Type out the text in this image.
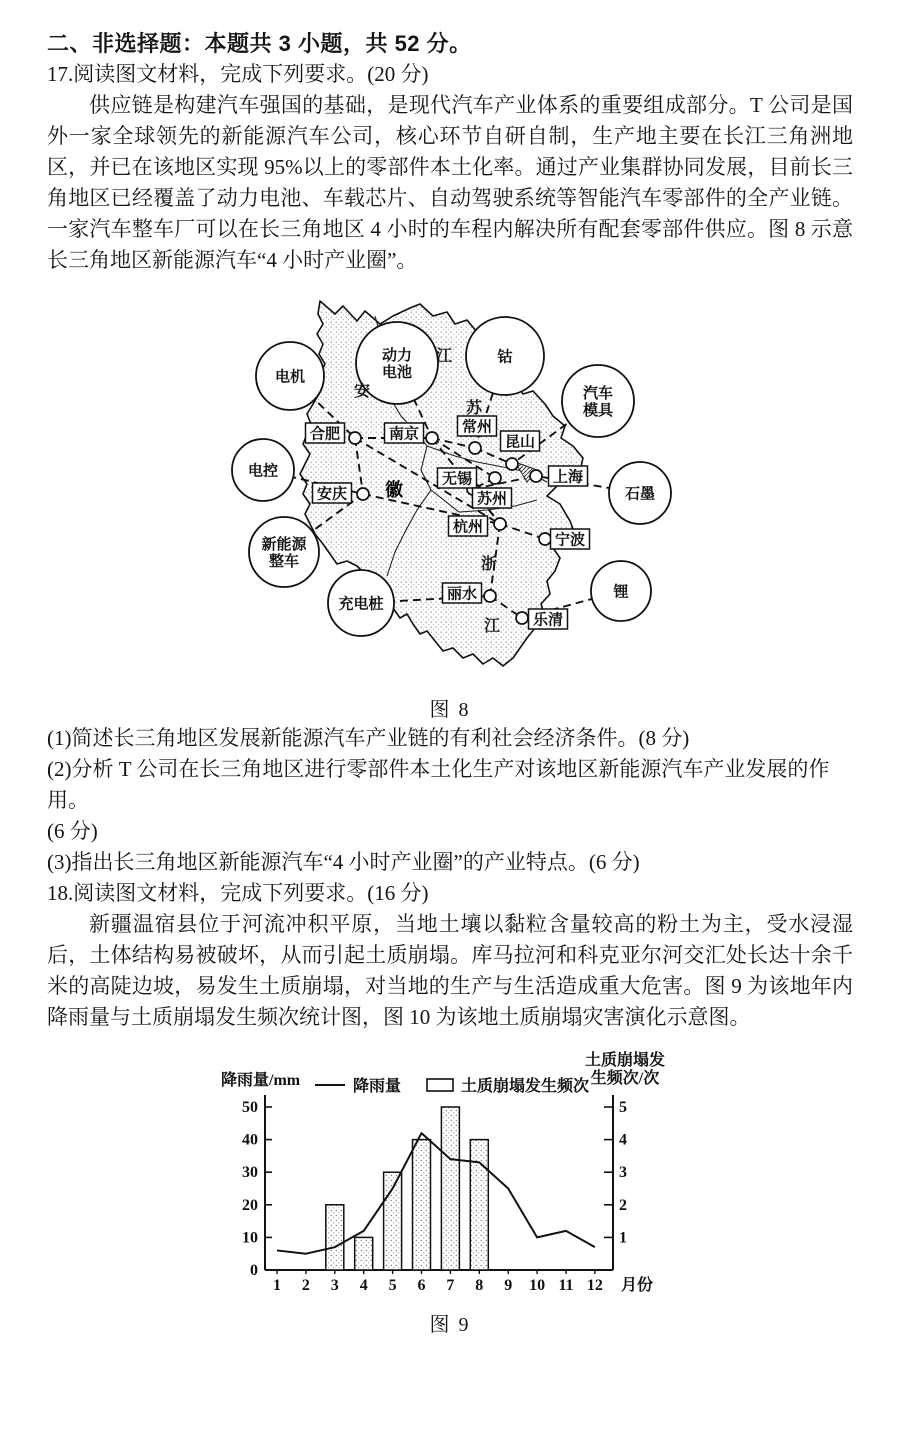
二、非选择题：本题共 3 小题，共 52 分。
17.阅读图文材料，完成下列要求。(20 分)

供应链是构建汽车强国的基础，是现代汽车产业体系的重要组成部分。T 公司是国外一家全球领先的新能源汽车公司，核心环节自研自制，生产地主要在长江三角洲地区，并已在该地区实现 95%以上的零部件本土化率。通过产业集群协同发展，目前长三角地区已经覆盖了动力电池、车载芯片、自动驾驶系统等智能汽车零部件的全产业链。一家汽车整车厂可以在长三角地区 4 小时的车程内解决所有配套零部件供应。图 8 示意长三角地区新能源汽车“4 小时产业圈”。

合肥	南京	常州
昆山
无锡	上海
安庆	苏州
杭州
宁波
丽水
乐清
电机
动力
电池
钴
汽车
模具
电控
石墨
新能源
整车
充电桩
锂
安
徽
江
苏
浙
江
图 8
(1)简述长三角地区发展新能源汽车产业链的有利社会经济条件。(8 分)
(2)分析 T 公司在长三角地区进行零部件本土化生产对该地区新能源汽车产业发展的作
用。
(6 分)
(3)指出长三角地区新能源汽车“4 小时产业圈”的产业特点。(6 分)
18.阅读图文材料，完成下列要求。(16 分)

新疆温宿县位于河流冲积平原，当地土壤以黏粒含量较高的粉土为主，受水浸湿后，土体结构易被破坏，从而引起土质崩塌。库马拉河和科克亚尔河交汇处长达十余千米的高陡边坡，易发生土质崩塌，对当地的生产与生活造成重大危害。图 9 为该地年内降雨量与土质崩塌发生频次统计图，图 10 为该地土质崩塌灾害演化示意图。

0
10
20
30
40
50
1
2
3
4
5
1 2 3 4 5 6 7 8 9 10 11 12 月份
降雨量/mm
土质崩塌发
生频次/次
降雨量	土质崩塌发生频次
图 9
